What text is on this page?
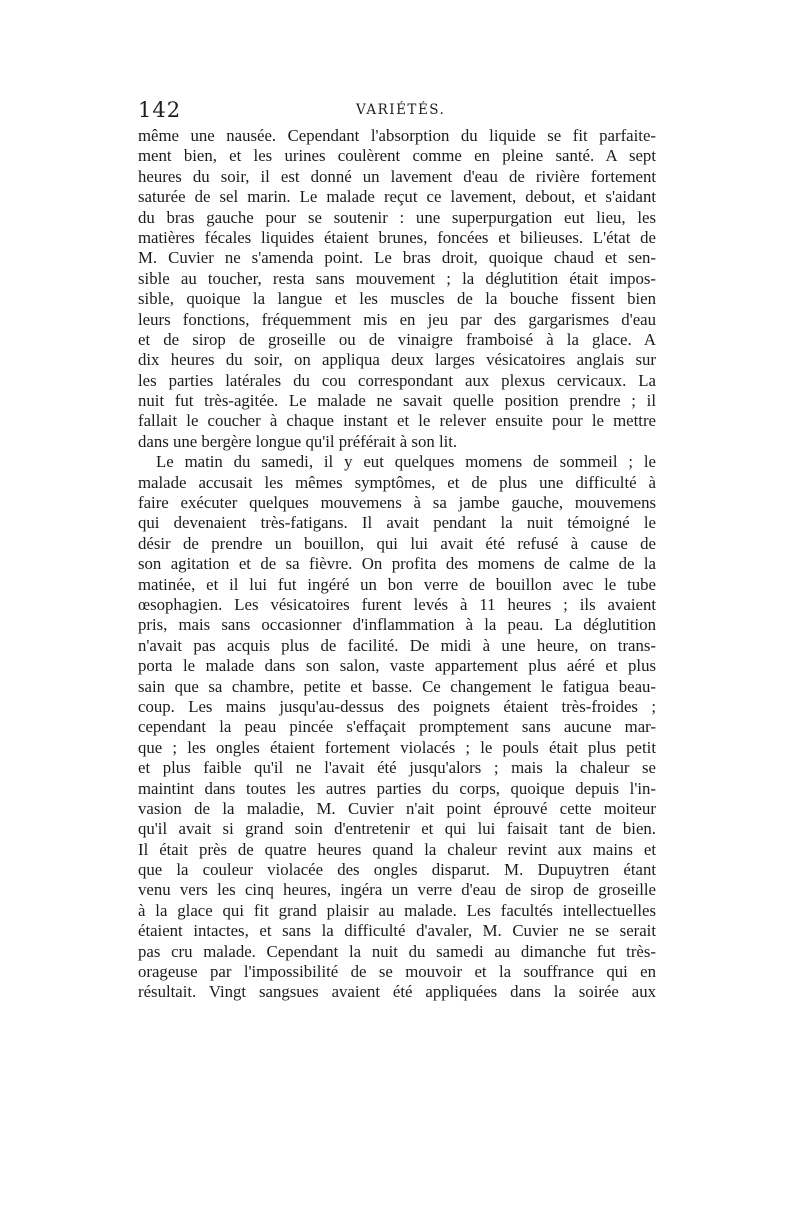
142	VARIÉTÉS.
même une nausée. Cependant l'absorption du liquide se fit parfaite-
ment bien, et les urines coulèrent comme en pleine santé. A sept
heures du soir, il est donné un lavement d'eau de rivière fortement
saturée de sel marin. Le malade reçut ce lavement, debout, et s'aidant
du bras gauche pour se soutenir : une superpurgation eut lieu, les
matières fécales liquides étaient brunes, foncées et bilieuses. L'état de
M. Cuvier ne s'amenda point. Le bras droit, quoique chaud et sen-
sible au toucher, resta sans mouvement ; la déglutition était impos-
sible, quoique la langue et les muscles de la bouche fissent bien
leurs fonctions, fréquemment mis en jeu par des gargarismes d'eau
et de sirop de groseille ou de vinaigre framboisé à la glace. A
dix heures du soir, on appliqua deux larges vésicatoires anglais sur
les parties latérales du cou correspondant aux plexus cervicaux. La
nuit fut très-agitée. Le malade ne savait quelle position prendre ; il
fallait le coucher à chaque instant et le relever ensuite pour le mettre
dans une bergère longue qu'il préférait à son lit.
Le matin du samedi, il y eut quelques momens de sommeil ; le
malade accusait les mêmes symptômes, et de plus une difficulté à
faire exécuter quelques mouvemens à sa jambe gauche, mouvemens
qui devenaient très-fatigans. Il avait pendant la nuit témoigné le
désir de prendre un bouillon, qui lui avait été refusé à cause de
son agitation et de sa fièvre. On profita des momens de calme de la
matinée, et il lui fut ingéré un bon verre de bouillon avec le tube
œsophagien. Les vésicatoires furent levés à 11 heures ; ils avaient
pris, mais sans occasionner d'inflammation à la peau. La déglutition
n'avait pas acquis plus de facilité. De midi à une heure, on trans-
porta le malade dans son salon, vaste appartement plus aéré et plus
sain que sa chambre, petite et basse. Ce changement le fatigua beau-
coup. Les mains jusqu'au-dessus des poignets étaient très-froides ;
cependant la peau pincée s'effaçait promptement sans aucune mar-
que ; les ongles étaient fortement violacés ; le pouls était plus petit
et plus faible qu'il ne l'avait été jusqu'alors ; mais la chaleur se
maintint dans toutes les autres parties du corps, quoique depuis l'in-
vasion de la maladie, M. Cuvier n'ait point éprouvé cette moiteur
qu'il avait si grand soin d'entretenir et qui lui faisait tant de bien.
Il était près de quatre heures quand la chaleur revint aux mains et
que la couleur violacée des ongles disparut. M. Dupuytren étant
venu vers les cinq heures, ingéra un verre d'eau de sirop de groseille
à la glace qui fit grand plaisir au malade. Les facultés intellectuelles
étaient intactes, et sans la difficulté d'avaler, M. Cuvier ne se serait
pas cru malade. Cependant la nuit du samedi au dimanche fut très-
orageuse par l'impossibilité de se mouvoir et la souffrance qui en
résultait. Vingt sangsues avaient été appliquées dans la soirée aux
